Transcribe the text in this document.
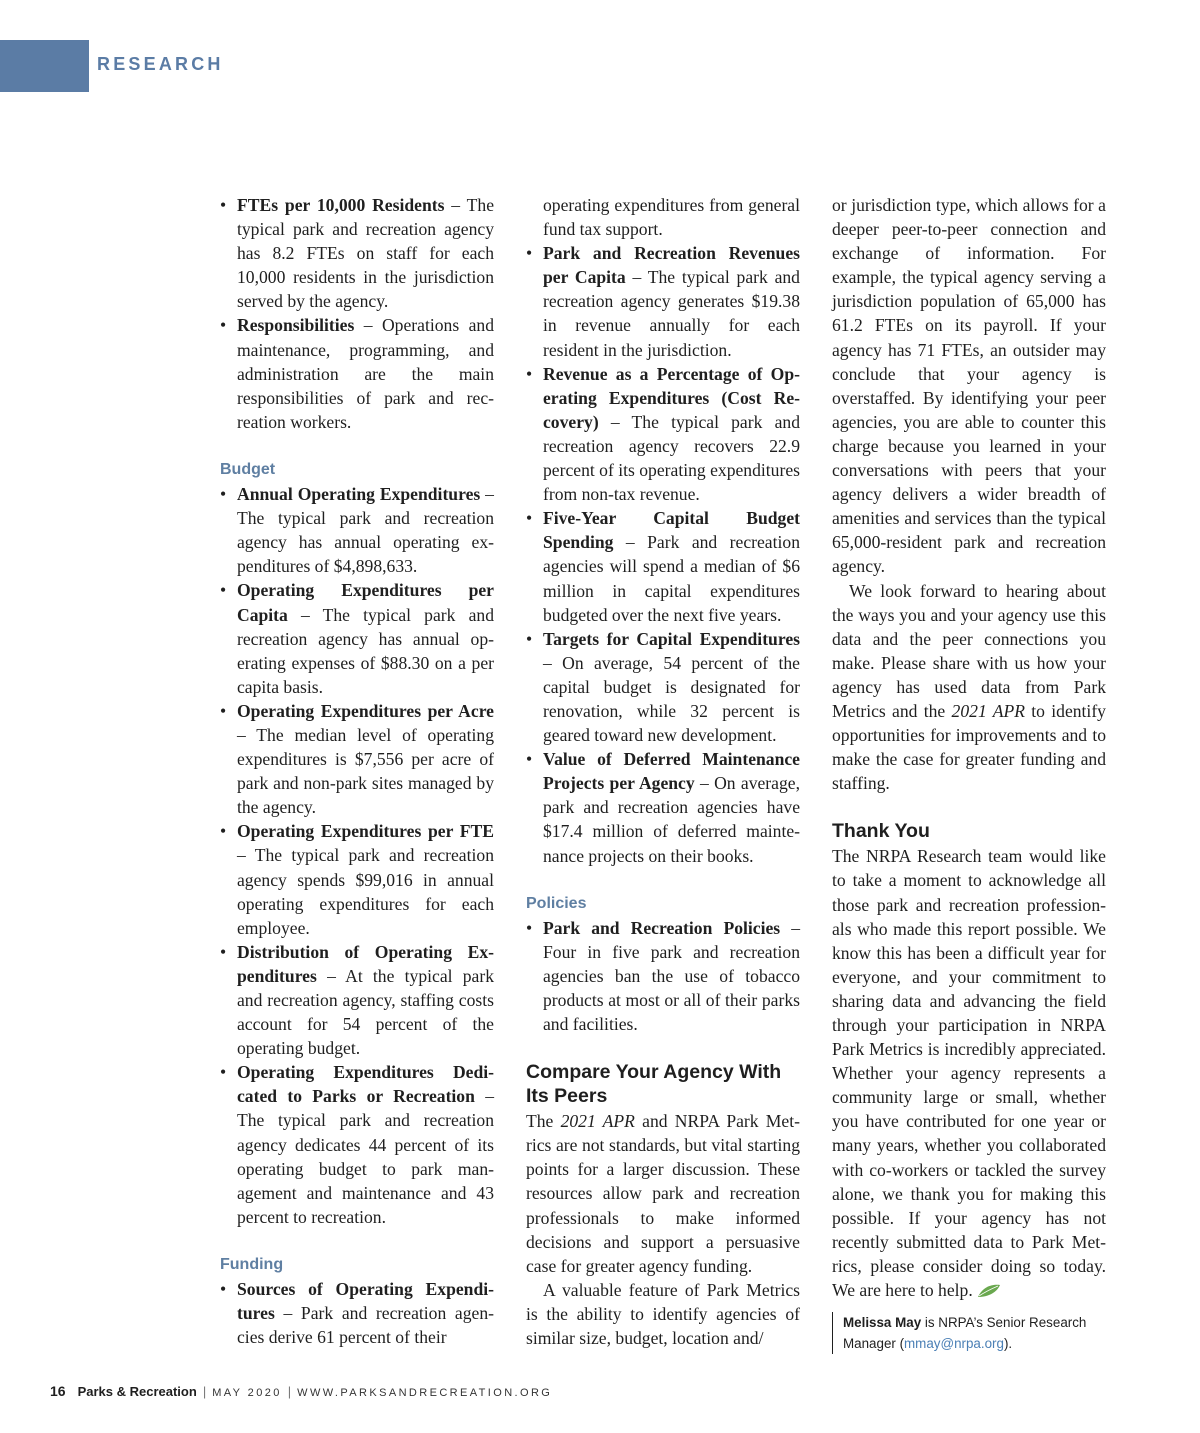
RESEARCH

• FTEs per 10,000 Residents – The typical park and recreation agency has 8.2 FTEs on staff for each 10,000 residents in the jurisdiction served by the agency.

• Responsibilities – Operations and maintenance, programming, and administration are the main responsibilities of park and recreation workers.

Budget

• Annual Operating Expenditures – The typical park and recreation agency has annual operating expenditures of $4,898,633.

• Operating Expenditures per Capita – The typical park and recreation agency has annual operating expenses of $88.30 on a per capita basis.

• Operating Expenditures per Acre – The median level of operating expenditures is $7,556 per acre of park and non-park sites managed by the agency.

• Operating Expenditures per FTE – The typical park and recreation agency spends $99,016 in annual operating expenditures for each employee.

• Distribution of Operating Expenditures – At the typical park and recreation agency, staffing costs account for 54 percent of the operating budget.

• Operating Expenditures Dedicated to Parks or Recreation – The typical park and recreation agency dedicates 44 percent of its operating budget to park management and maintenance and 43 percent to recreation.

Funding

• Sources of Operating Expenditures – Park and recreation agencies derive 61 percent of their

operating expenditures from general fund tax support.

• Park and Recreation Revenues per Capita – The typical park and recreation agency generates $19.38 in revenue annually for each resident in the jurisdiction.

• Revenue as a Percentage of Operating Expenditures (Cost Recovery) – The typical park and recreation agency recovers 22.9 percent of its operating expenditures from non-tax revenue.

• Five-Year Capital Budget Spending – Park and recreation agencies will spend a median of $6 million in capital expenditures budgeted over the next five years.

• Targets for Capital Expenditures – On average, 54 percent of the capital budget is designated for renovation, while 32 percent is geared toward new development.

• Value of Deferred Maintenance Projects per Agency – On average, park and recreation agencies have $17.4 million of deferred maintenance projects on their books.

Policies

• Park and Recreation Policies – Four in five park and recreation agencies ban the use of tobacco products at most or all of their parks and facilities.

Compare Your Agency With Its Peers

The 2021 APR and NRPA Park Metrics are not standards, but vital starting points for a larger discussion. These resources allow park and recreation professionals to make informed decisions and support a persuasive case for greater agency funding.

A valuable feature of Park Metrics is the ability to identify agencies of similar size, budget, location and/

or jurisdiction type, which allows for a deeper peer-to-peer connection and exchange of information. For example, the typical agency serving a jurisdiction population of 65,000 has 61.2 FTEs on its payroll. If your agency has 71 FTEs, an outsider may conclude that your agency is overstaffed. By identifying your peer agencies, you are able to counter this charge because you learned in your conversations with peers that your agency delivers a wider breadth of amenities and services than the typical 65,000-resident park and recreation agency.

We look forward to hearing about the ways you and your agency use this data and the peer connections you make. Please share with us how your agency has used data from Park Metrics and the 2021 APR to identify opportunities for improvements and to make the case for greater funding and staffing.

Thank You

The NRPA Research team would like to take a moment to acknowledge all those park and recreation professionals who made this report possible. We know this has been a difficult year for everyone, and your commitment to sharing data and advancing the field through your participation in NRPA Park Metrics is incredibly appreciated. Whether your agency represents a community large or small, whether you have contributed for one year or many years, whether you collaborated with co-workers or tackled the survey alone, we thank you for making this possible. If your agency has not recently submitted data to Park Metrics, please consider doing so today. We are here to help.

Melissa May is NRPA’s Senior Research Manager (mmay@nrpa.org).
16 Parks & Recreation | MAY 2020 | WWW.PARKSANDRECREATION.ORG
